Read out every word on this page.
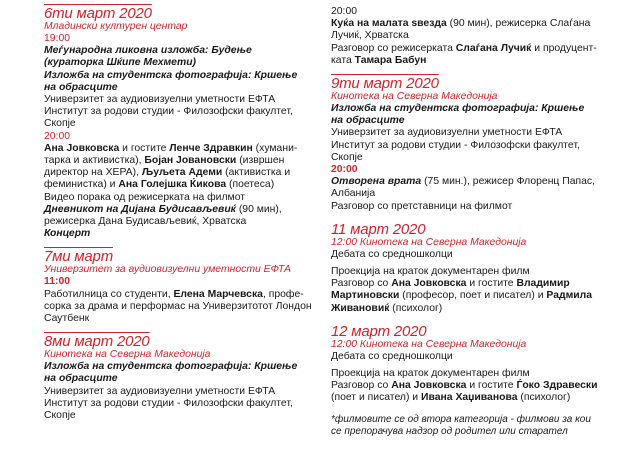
6ти март 2020
Младински културен центар
19:00
Меѓународна ликовна изложба: Будење
(кураторка Шќипе Мехмети)
Изложба на студентска фотографија: Кршење
на обрасците
Универзитет за аудиовизуелни уметности ЕФТА
Институт за родови студии - Филозофски факултет,
Скопје
20:00
Ана Јовковска и гостите Ленче Здравкин (хумани-
тарка и активистка), Бојан Јовановски (извршен
директор на ХЕРА), Љуљета Адеми (активистка и
феминистка) и Ана Голејшка Ќикова (поетеса)
Видео порака од режисерката на филмот
Дневникот на Дијана Будисављевиќ (90 мин),
режисерка Дана Будисављевиќ, Хрватска
Концерт
7ми март
Универзитет за аудиовизуелни уметности ЕФТА
11:00
Работилница со студенти, Елена Марчевска, профе-
сорка за драма и перформас на Универзитотот Лондон
Саутбенк
8ми март 2020
Кинотека на Северна Македонија
Изложба на студентска фотографија: Кршење
на обрасците
Универзитет за аудиовизуелни уметности ЕФТА
Институт за родови студии - Филозофски факултет,
Скопје
20:00
Куќа на малата ѕвезда (90 мин), режисерка Слаѓана
Лучиќ, Хрватска
Разговор со режисерката Слаѓана Лучиќ и продуцент-
ката Тамара Бабун
9ти март 2020
Кинотека на Северна Македонија
Изложба на студентска фотографија: Кршење
на обрасците
Универзитет за аудиовизуелни уметности ЕФТА
Институт за родови студии - Филозофски факултет,
Скопје
20:00
Отворена врата (75 мин.), режисер Флоренц Папас,
Албанија
Разговор со претставници на филмот
11 март 2020
12:00 Кинотека на Северна Македонија
Дебата со средношколци
Проекција на краток документарен филм
Разговор со Ана Јовковска и гостите Владимир
Мартиновски (професор, поет и писател) и Радмила
Живановиќ (психолог)
12 март 2020
12:00 Кинотека на Северна Македонија
Дебата со средношколци
Проекција на краток документарен филм
Разговор со Ана Јовковска и гостите Ѓоко Здравески
(поет и писател) и Ивана Хаџиванова (психолог)
*филмовите се од втора категорија - филмови за кои
се препорачува надзор од родител или старател
